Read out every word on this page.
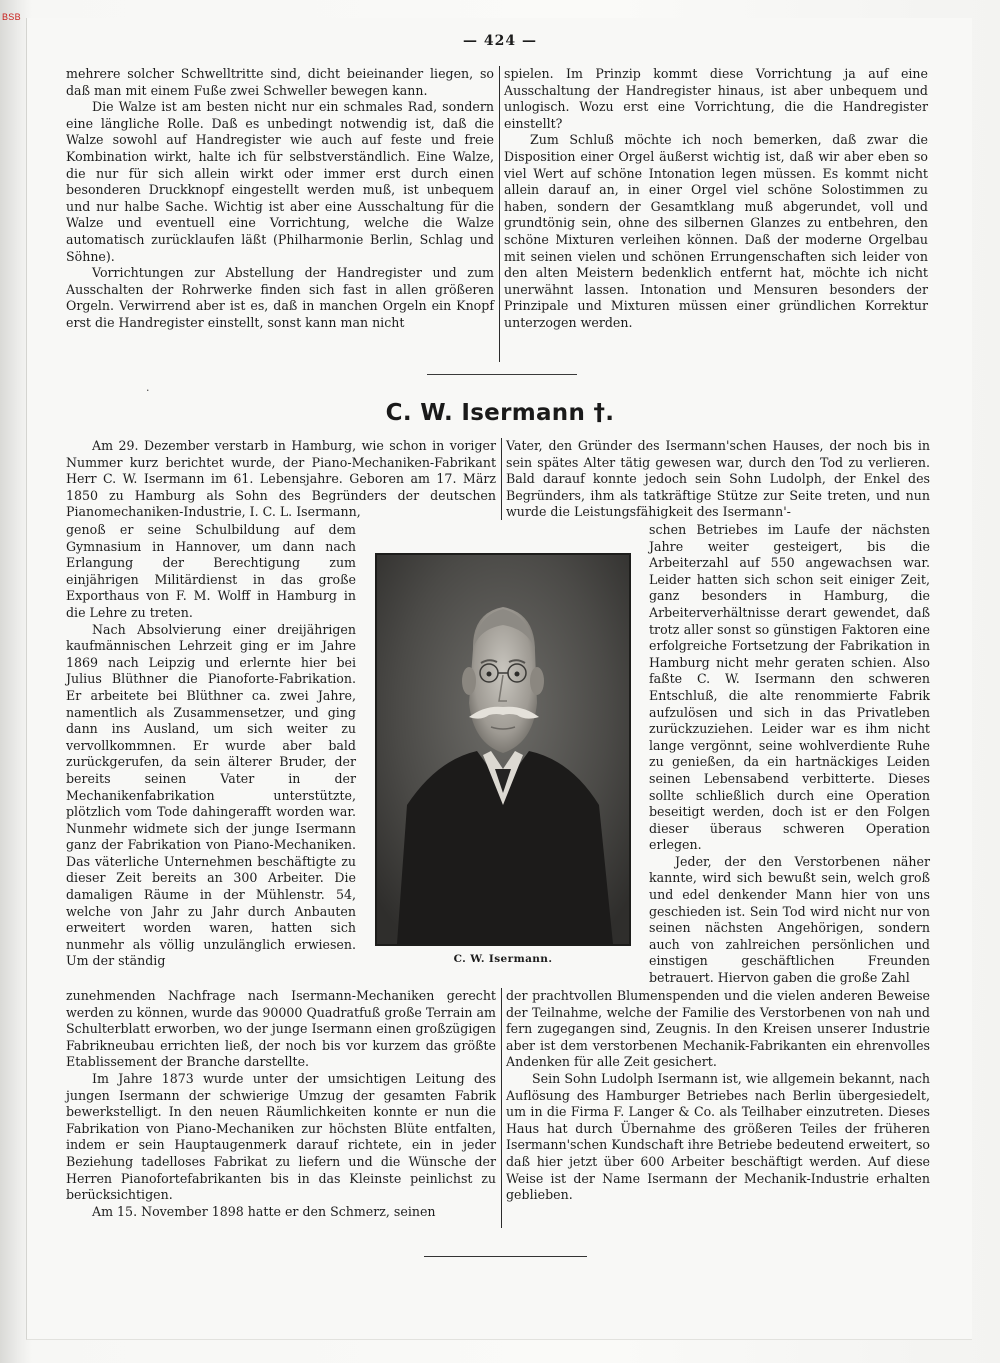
BSB
— 424 —

mehrere solcher Schwelltritte sind, dicht beieinander liegen, so daß man mit einem Fuße zwei Schweller bewegen kann.

Die Walze ist am besten nicht nur ein schmales Rad, sondern eine längliche Rolle. Daß es unbedingt notwendig ist, daß die Walze sowohl auf Handregister wie auch auf feste und freie Kombination wirkt, halte ich für selbstverständlich. Eine Walze, die nur für sich allein wirkt oder immer erst durch einen besonderen Druckknopf eingestellt werden muß, ist unbequem und nur halbe Sache. Wichtig ist aber eine Ausschaltung für die Walze und eventuell eine Vorrichtung, welche die Walze automatisch zurücklaufen läßt (Philharmonie Berlin, Schlag und Söhne).

Vorrichtungen zur Abstellung der Handregister und zum Ausschalten der Rohrwerke finden sich fast in allen größeren Orgeln. Verwirrend aber ist es, daß in manchen Orgeln ein Knopf erst die Handregister einstellt, sonst kann man nicht

spielen. Im Prinzip kommt diese Vorrichtung ja auf eine Ausschaltung der Handregister hinaus, ist aber unbequem und unlogisch. Wozu erst eine Vorrichtung, die die Handregister einstellt?

Zum Schluß möchte ich noch bemerken, daß zwar die Disposition einer Orgel äußerst wichtig ist, daß wir aber eben so viel Wert auf schöne Intonation legen müssen. Es kommt nicht allein darauf an, in einer Orgel viel schöne Solostimmen zu haben, sondern der Gesamtklang muß abgerundet, voll und grundtönig sein, ohne des silbernen Glanzes zu entbehren, den schöne Mixturen verleihen können. Daß der moderne Orgelbau mit seinen vielen und schönen Errungenschaften sich leider von den alten Meistern bedenklich entfernt hat, möchte ich nicht unerwähnt lassen. Intonation und Mensuren besonders der Prinzipale und Mixturen müssen einer gründlichen Korrektur unterzogen werden.

·
C. W. Isermann †.

Am 29. Dezember verstarb in Hamburg, wie schon in voriger Nummer kurz berichtet wurde, der Piano-Mechaniken-Fabrikant Herr C. W. Isermann im 61. Lebensjahre. Geboren am 17. März 1850 zu Hamburg als Sohn des Begründers der deutschen Pianomechaniken-Industrie, I. C. L. Isermann,

Vater, den Gründer des Isermann'schen Hauses, der noch bis in sein spätes Alter tätig gewesen war, durch den Tod zu verlieren. Bald darauf konnte jedoch sein Sohn Ludolph, der Enkel des Begründers, ihm als tatkräftige Stütze zur Seite treten, und nun wurde die Leistungsfähigkeit des Isermann'-

genoß er seine Schulbildung auf dem Gymnasium in Hannover, um dann nach Erlangung der Berechtigung zum einjährigen Militärdienst in das große Exporthaus von F. M. Wolff in Hamburg in die Lehre zu treten.

Nach Absolvierung einer dreijährigen kaufmännischen Lehrzeit ging er im Jahre 1869 nach Leipzig und erlernte hier bei Julius Blüthner die Pianoforte-Fabrikation. Er arbeitete bei Blüthner ca. zwei Jahre, namentlich als Zusammensetzer, und ging dann ins Ausland, um sich weiter zu vervollkommnen. Er wurde aber bald zurückgerufen, da sein älterer Bruder, der bereits seinen Vater in der Mechanikenfabrikation unterstützte, plötzlich vom Tode dahingerafft worden war. Nunmehr widmete sich der junge Isermann ganz der Fabrikation von Piano-Mechaniken. Das väterliche Unternehmen beschäftigte zu dieser Zeit bereits an 300 Arbeiter. Die damaligen Räume in der Mühlenstr. 54, welche von Jahr zu Jahr durch Anbauten erweitert worden waren, hatten sich nunmehr als völlig unzulänglich erwiesen. Um der ständig	C. W. Isermann.

schen Betriebes im Laufe der nächsten Jahre weiter gesteigert, bis die Arbeiterzahl auf 550 angewachsen war. Leider hatten sich schon seit einiger Zeit, ganz besonders in Hamburg, die Arbeiterverhältnisse derart gewendet, daß trotz aller sonst so günstigen Faktoren eine erfolgreiche Fortsetzung der Fabrikation in Hamburg nicht mehr geraten schien. Also faßte C. W. Isermann den schweren Entschluß, die alte renommierte Fabrik aufzulösen und sich in das Privatleben zurückzuziehen. Leider war es ihm nicht lange vergönnt, seine wohlverdiente Ruhe zu genießen, da ein hartnäckiges Leiden seinen Lebensabend verbitterte. Dieses sollte schließlich durch eine Operation beseitigt werden, doch ist er den Folgen dieser überaus schweren Operation erlegen.

Jeder, der den Verstorbenen näher kannte, wird sich bewußt sein, welch groß und edel denkender Mann hier von uns geschieden ist. Sein Tod wird nicht nur von seinen nächsten Angehörigen, sondern auch von zahlreichen persönlichen und einstigen geschäftlichen Freunden betrauert. Hiervon gaben die große Zahl

zunehmenden Nachfrage nach Isermann-Mechaniken gerecht werden zu können, wurde das 90000 Quadratfuß große Terrain am Schulterblatt erworben, wo der junge Isermann einen großzügigen Fabrikneubau errichten ließ, der noch bis vor kurzem das größte Etablissement der Branche darstellte.

Im Jahre 1873 wurde unter der umsichtigen Leitung des jungen Isermann der schwierige Umzug der gesamten Fabrik bewerkstelligt. In den neuen Räumlichkeiten konnte er nun die Fabrikation von Piano-Mechaniken zur höchsten Blüte entfalten, indem er sein Hauptaugenmerk darauf richtete, ein in jeder Beziehung tadelloses Fabrikat zu liefern und die Wünsche der Herren Pianofortefabrikanten bis in das Kleinste peinlichst zu berücksichtigen.

Am 15. November 1898 hatte er den Schmerz, seinen

der prachtvollen Blumenspenden und die vielen anderen Beweise der Teilnahme, welche der Familie des Verstorbenen von nah und fern zugegangen sind, Zeugnis. In den Kreisen unserer Industrie aber ist dem verstorbenen Mechanik-Fabrikanten ein ehrenvolles Andenken für alle Zeit gesichert.

Sein Sohn Ludolph Isermann ist, wie allgemein bekannt, nach Auflösung des Hamburger Betriebes nach Berlin übergesiedelt, um in die Firma F. Langer & Co. als Teilhaber einzutreten. Dieses Haus hat durch Übernahme des größeren Teiles der früheren Isermann'schen Kundschaft ihre Betriebe bedeutend erweitert, so daß hier jetzt über 600 Arbeiter beschäftigt werden. Auf diese Weise ist der Name Isermann der Mechanik-Industrie erhalten geblieben.
